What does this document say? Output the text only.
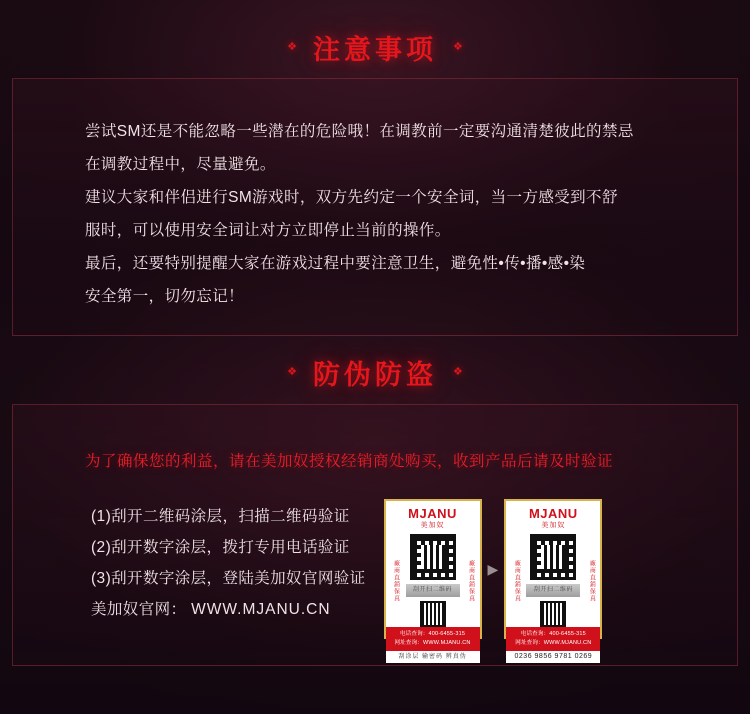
❖ 注意事项 ❖

尝试SM还是不能忽略一些潜在的危险哦！在调教前一定要沟通清楚彼此的禁忌

在调教过程中，尽量避免。

建议大家和伴侣进行SM游戏时，双方先约定一个安全词，当一方感受到不舒

服时，可以使用安全词让对方立即停止当前的操作。

最后，还要特别提醒大家在游戏过程中要注意卫生，避免性•传•播•感•染

安全第一，切勿忘记！

❖ 防伪防盗 ❖

为了确保您的利益，请在美加奴授权经销商处购买，收到产品后请及时验证

(1)刮开二维码涂层，扫描二维码验证
(2)刮开数字涂层，拨打专用电话验证
(3)刮开数字涂层，登陆美加奴官网验证
美加奴官网： WWW.MJANU.CN
MJANU
美加奴
廠商直銷保真	刮开扫二维码	廠商直銷保真
电话查询：400-6455-315
网址查询：WWW.MJANU.CN
刮涂层 输密码 辨真伪
▶
MJANU
美加奴
廠商直銷保真	刮开扫二维码	廠商直銷保真
电话查询：400-6455-315
网址查询：WWW.MJANU.CN
0236 9856 9781 0269
